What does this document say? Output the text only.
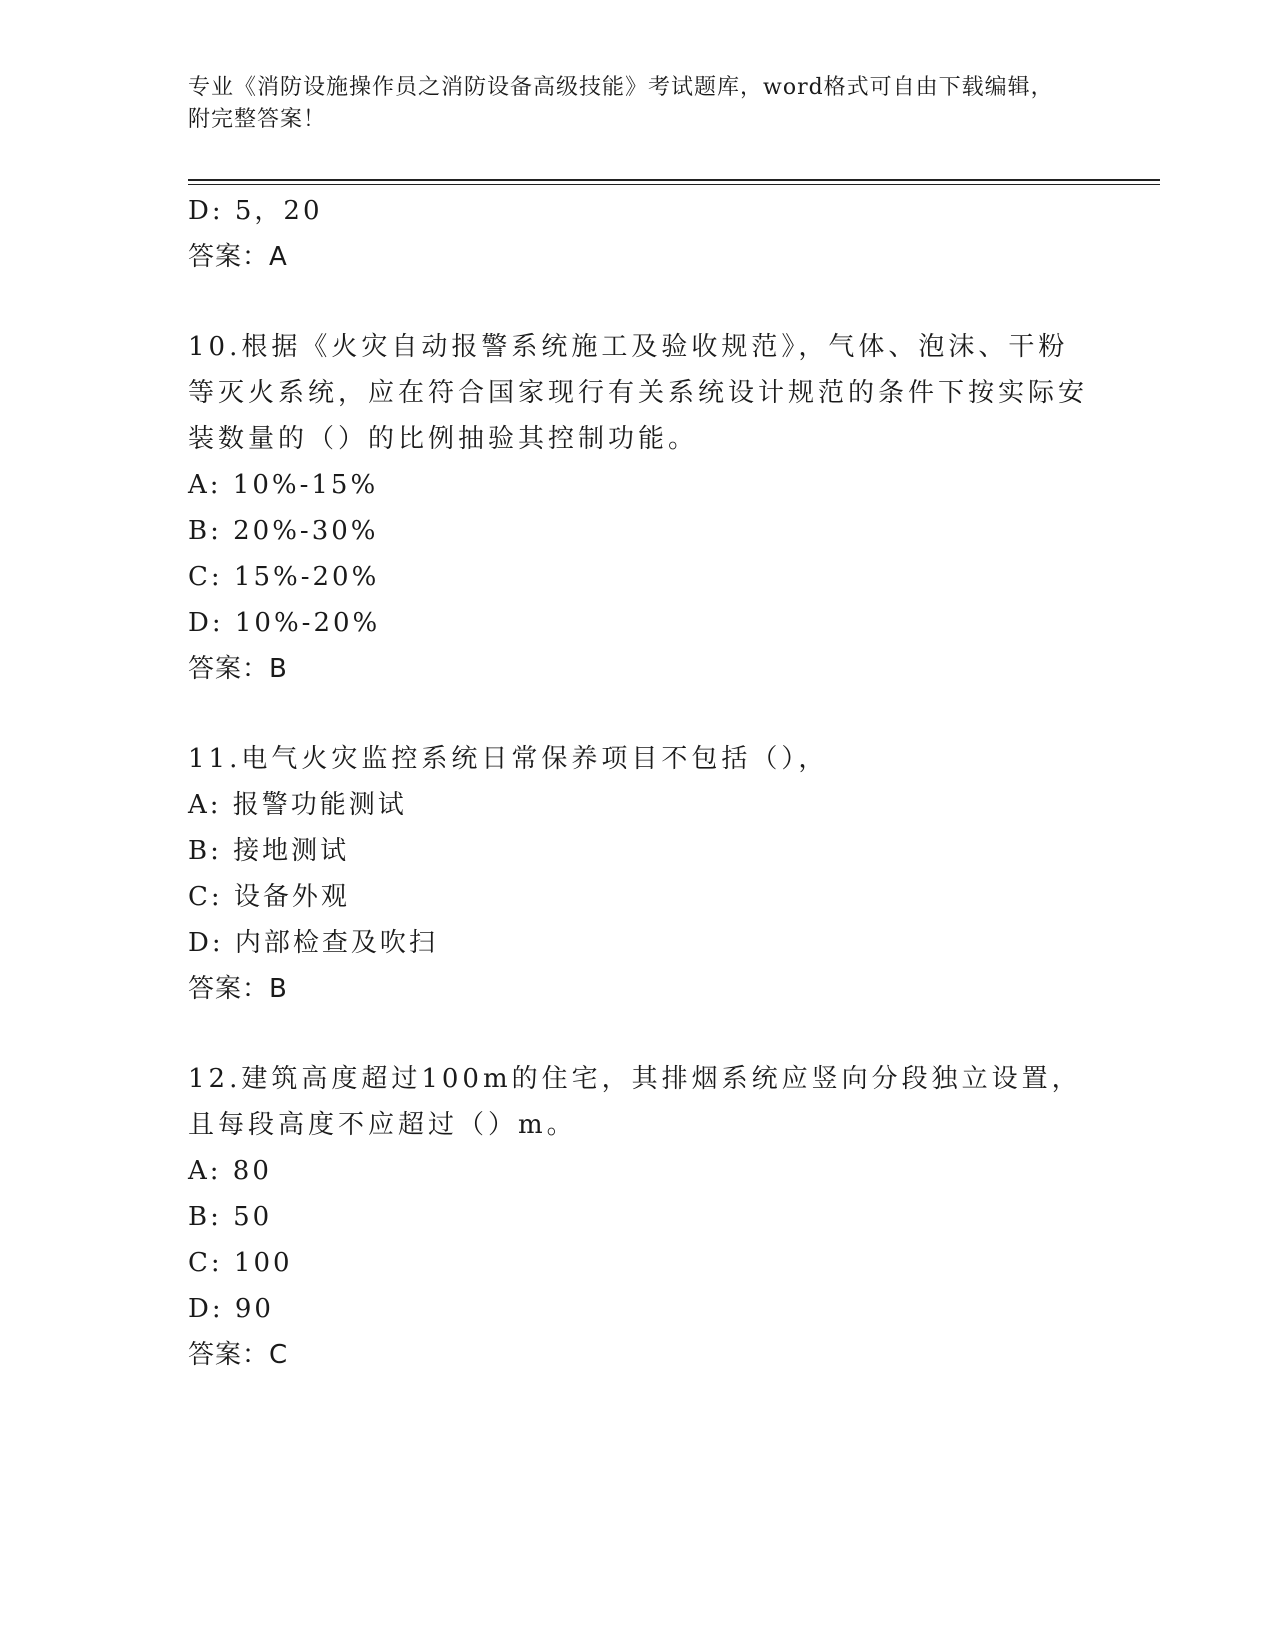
专业《消防设施操作员之消防设备高级技能》考试题库，word格式可自由下载编辑，附完整答案！
D: 5，20
答案：A
10.根据《火灾自动报警系统施工及验收规范》，气体、泡沫、干粉等灭火系统，应在符合国家现行有关系统设计规范的条件下按实际安装数量的（）的比例抽验其控制功能。
A: 10%-15%
B: 20%-30%
C: 15%-20%
D: 10%-20%
答案：B
11.电气火灾监控系统日常保养项目不包括（），
A: 报警功能测试
B: 接地测试
C: 设备外观
D: 内部检查及吹扫
答案：B
12.建筑高度超过100m的住宅，其排烟系统应竖向分段独立设置，且每段高度不应超过（）m。
A: 80
B: 50
C: 100
D: 90
答案：C
